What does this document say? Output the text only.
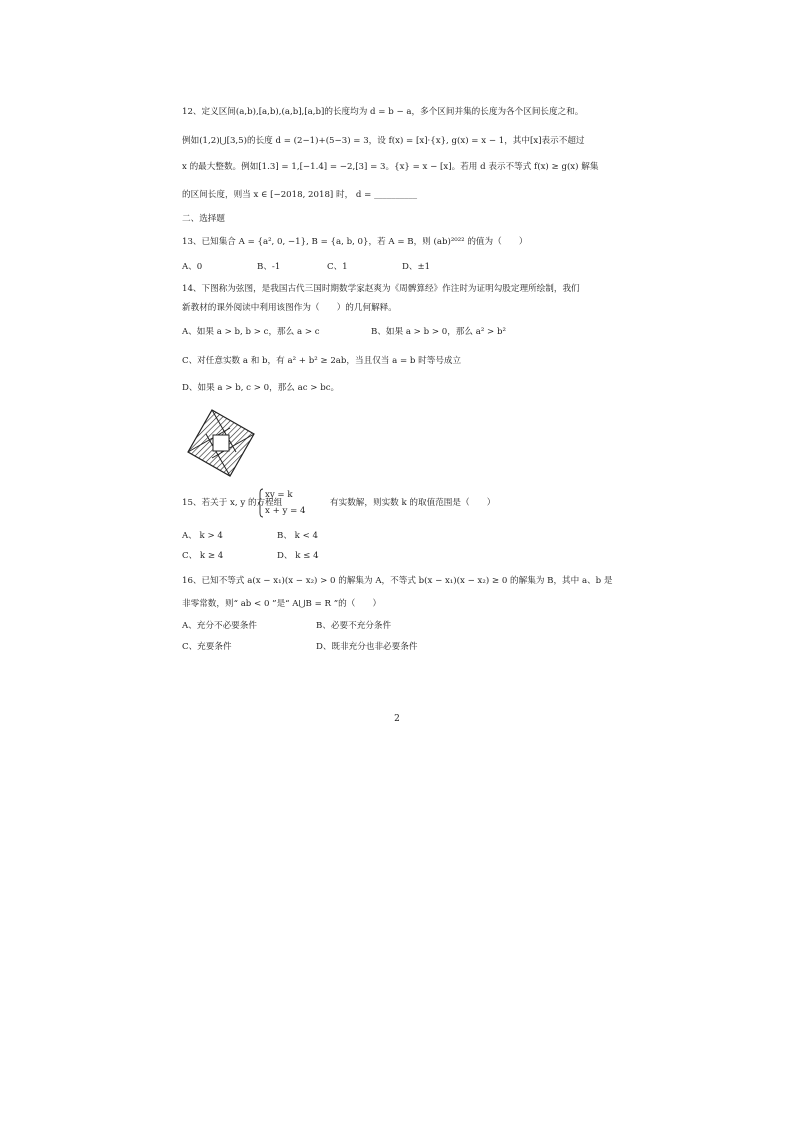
12、定义区间(a,b),[a,b),(a,b],[a,b]的长度均为 d = b − a，多个区间并集的长度为各个区间长度之和。
例如(1,2)⋃[3,5)的长度 d = (2−1)+(5−3) = 3，设 f(x) = [x]·{x}, g(x) = x − 1，其中[x]表示不超过
x 的最大整数。例如[1.3] = 1,[−1.4] = −2,[3] = 3。{x} = x − [x]。若用 d 表示不等式 f(x) ≥ g(x) 解集
的区间长度，则当 x ∈ [−2018, 2018] 时， d = __________
二、选择题
13、已知集合 A = {a², 0, −1}, B = {a, b, 0}，若 A = B，则 (ab)²⁰²² 的值为（　　）
A、0	B、-1	C、1	D、±1
14、下图称为弦图，是我国古代三国时期数学家赵爽为《周髀算经》作注时为证明勾股定理所绘制，我们
新教材的课外阅读中利用该图作为（　　）的几何解释。
A、如果 a > b, b > c，那么 a > c	B、如果 a > b > 0，那么 a² > b²
C、对任意实数 a 和 b，有 a² + b² ≥ 2ab，当且仅当 a = b 时等号成立
D、如果 a > b, c > 0，那么 ac > bc。
15、若关于 x, y 的方程组
xy = k
x + y = 4
有实数解，则实数 k 的取值范围是（　　）
A、 k > 4	B、 k < 4
C、 k ≥ 4	D、 k ≤ 4
16、已知不等式 a(x − x₁)(x − x₂) > 0 的解集为 A，不等式 b(x − x₁)(x − x₂) ≥ 0 的解集为 B，其中 a、b 是
非零常数，则“ ab < 0 ”是“ A⋃B = R ”的（　　）
A、充分不必要条件	B、必要不充分条件
C、充要条件	D、既非充分也非必要条件
2
